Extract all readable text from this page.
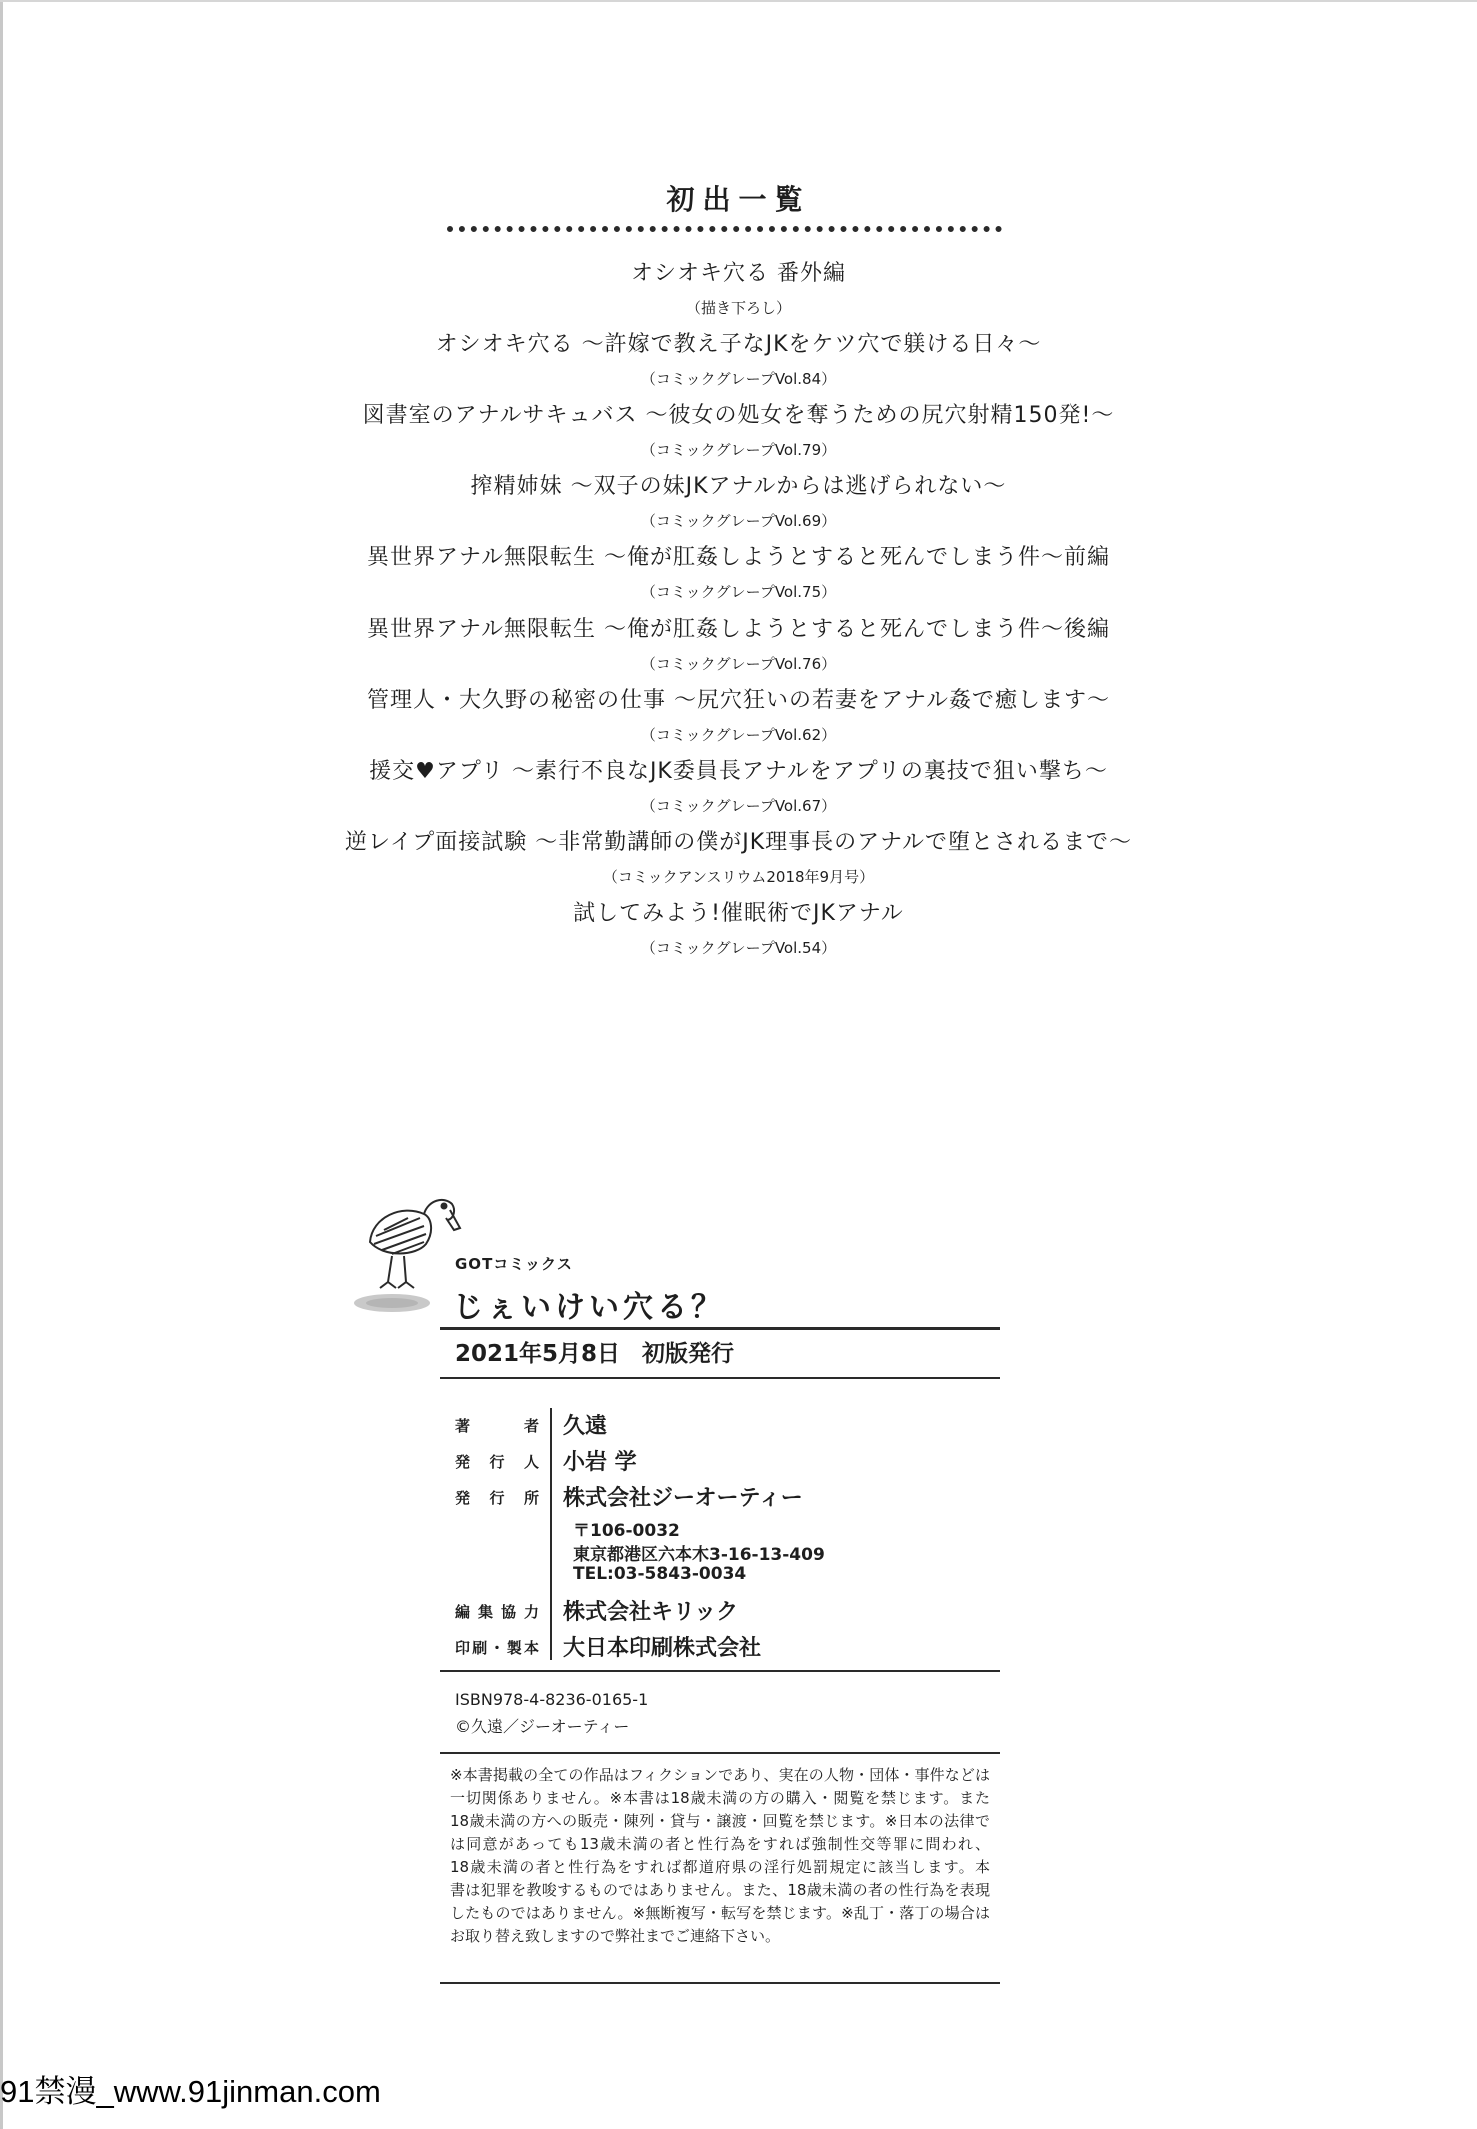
初出一覧
オシオキ穴る 番外編
（描き下ろし）
オシオキ穴る ～許嫁で教え子なJKをケツ穴で躾ける日々～
（コミックグレープVol.84）
図書室のアナルサキュバス ～彼女の処女を奪うための尻穴射精150発!～
（コミックグレープVol.79）
搾精姉妹 ～双子の妹JKアナルからは逃げられない～
（コミックグレープVol.69）
異世界アナル無限転生 ～俺が肛姦しようとすると死んでしまう件～前編
（コミックグレープVol.75）
異世界アナル無限転生 ～俺が肛姦しようとすると死んでしまう件～後編
（コミックグレープVol.76）
管理人・大久野の秘密の仕事 ～尻穴狂いの若妻をアナル姦で癒します～
（コミックグレープVol.62）
援交♥アプリ ～素行不良なJK委員長アナルをアプリの裏技で狙い撃ち～
（コミックグレープVol.67）
逆レイプ面接試験 ～非常勤講師の僕がJK理事長のアナルで堕とされるまで～
（コミックアンスリウム2018年9月号）
試してみよう!催眠術でJKアナル
（コミックグレープVol.54）
GOTコミックス
じぇいけい穴る？
2021年5月8日 初版発行
著者 久遠
発行人 小岩 学
発行所 株式会社ジーオーティー
〒106-0032
東京都港区六本木3-16-13-409
TEL:03-5843-0034
編集協力 株式会社キリック
印刷・製本 大日本印刷株式会社
ISBN978-4-8236-0165-1
©久遠／ジーオーティー
※本書掲載の全ての作品はフィクションであり、実在の人物・団体・事件などは
一切関係ありません。※本書は18歳未満の方の購入・閲覧を禁じます。また
18歳未満の方への販売・陳列・貸与・譲渡・回覧を禁じます。※日本の法律で
は同意があっても13歳未満の者と性行為をすれば強制性交等罪に問われ、
18歳未満の者と性行為をすれば都道府県の淫行処罰規定に該当します。本
書は犯罪を教唆するものではありません。また、18歳未満の者の性行為を表現
したものではありません。※無断複写・転写を禁じます。※乱丁・落丁の場合は
お取り替え致しますので弊社までご連絡下さい。
91禁漫_www.91jinman.com
